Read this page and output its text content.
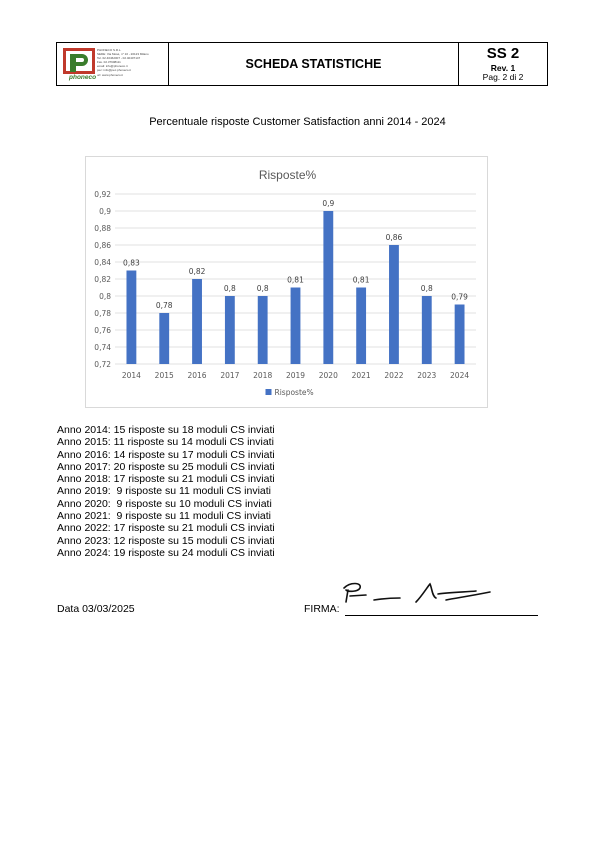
phoneco
PHONECO S.R.L.
SEDE: Via Mosè, n° 10 - 20123 Milano
Tel. 02.40462007 - 02.40407147
Fax. 02.37908111
email: info@phoneco.it
pec: info@pec.phoneco.it
url: www.phoneco.it
SCHEDA STATISTICHE
SS 2
Rev. 1
Pag. 2 di 2
Percentuale risposte Customer Satisfaction anni 2014 - 2024
Risposte%
0,72
0,74
0,76
0,78
0,8
0,82
0,84
0,86
0,88
0,9
0,92
0,83
2014
0,78
2015
0,82
2016
0,8
2017
0,8
2018
0,81
2019
0,9
2020
0,81
2021
0,86
2022
0,8
2023
0,79
2024
Risposte%
Anno 2014: 15 risposte su 18 moduli CS inviati
Anno 2015: 11 risposte su 14 moduli CS inviati
Anno 2016: 14 risposte su 17 moduli CS inviati
Anno 2017: 20 risposte su 25 moduli CS inviati
Anno 2018: 17 risposte su 21 moduli CS inviati
Anno 2019:  9 risposte su 11 moduli CS inviati
Anno 2020:  9 risposte su 10 moduli CS inviati
Anno 2021:  9 risposte su 11 moduli CS inviati
Anno 2022: 17 risposte su 21 moduli CS inviati
Anno 2023: 12 risposte su 15 moduli CS inviati
Anno 2024: 19 risposte su 24 moduli CS inviati
Data 03/03/2025	FIRMA:
